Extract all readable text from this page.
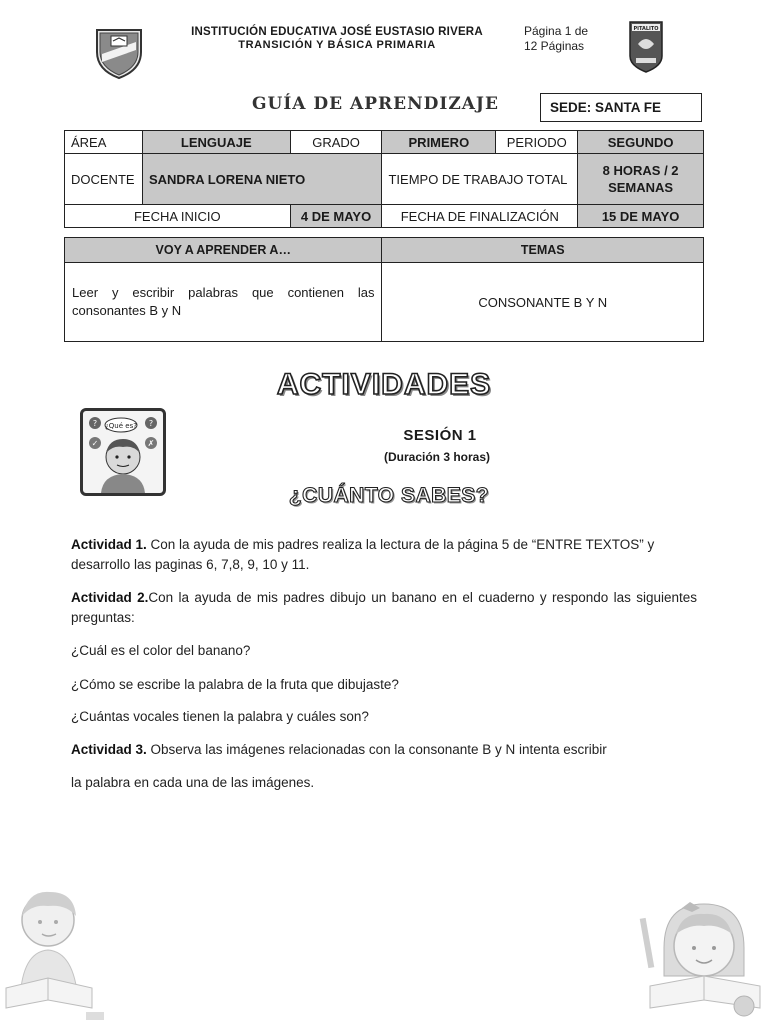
INSTITUCIÓN EDUCATIVA JOSÉ EUSTASIO RIVERA
TRANSICIÓN Y BÁSICA PRIMARIA
Página 1 de
12 Páginas
PITALITO
GUÍA DE APRENDIZAJE	SEDE: SANTA FE
ÁREA	LENGUAJE	GRADO	PRIMERO	PERIODO	SEGUNDO
DOCENTE	SANDRA LORENA NIETO		TIEMPO DE TRABAJO TOTAL		8 HORAS / 2 SEMANAS
FECHA INICIO		4 DE MAYO	FECHA DE FINALIZACIÓN		15 DE MAYO
VOY A APRENDER A…	TEMAS
Leer y escribir palabras que contienen las consonantes B y N	CONSONANTE B Y N
ACTIVIDADES
¿Qué es?
?	?
✓	✗	SESIÓN 1
(Duración 3 horas)
¿CUÁNTO SABES?
Actividad 1. Con la ayuda de mis padres realiza la lectura de la página 5 de “ENTRE TEXTOS” y desarrollo las paginas 6, 7,8, 9, 10 y 11.
Actividad 2.Con la ayuda de mis padres dibujo un banano en el cuaderno y respondo las siguientes preguntas:
¿Cuál es el color del banano?
¿Cómo se escribe la palabra de la fruta que dibujaste?
¿Cuántas vocales tienen la palabra y cuáles son?
Actividad 3. Observa las imágenes relacionadas con la consonante B y N intenta escribir
la palabra en cada una de las imágenes.
